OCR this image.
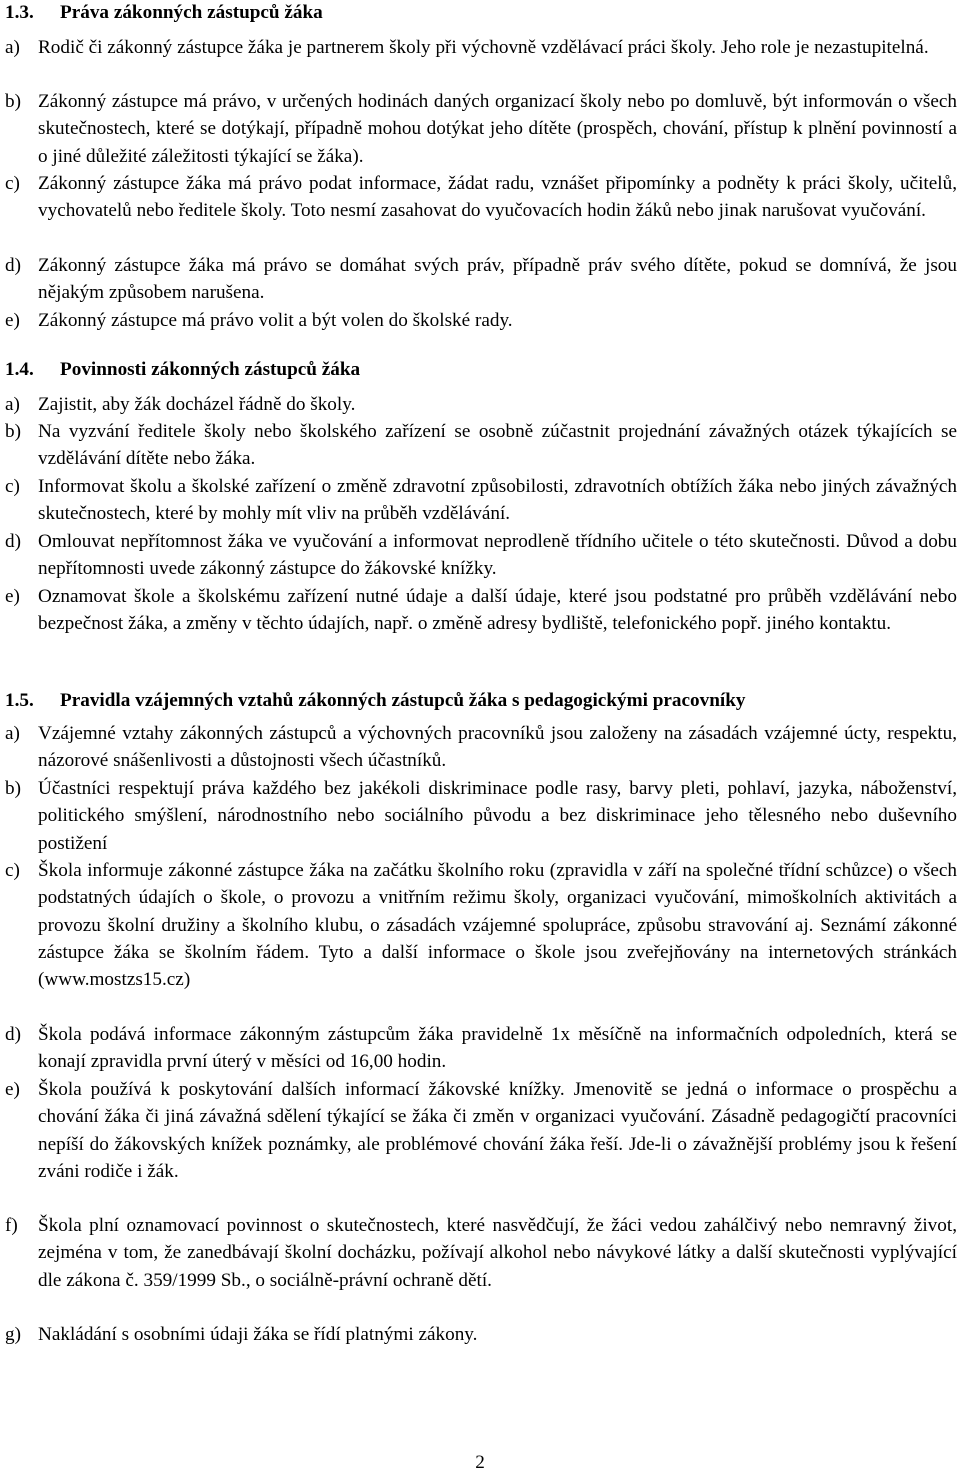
1.3. Práva zákonných zástupců žáka
a) Rodič či zákonný zástupce žáka je partnerem školy při výchovně vzdělávací práci školy. Jeho role je nezastupitelná.
b) Zákonný zástupce má právo, v určených hodinách daných organizací školy nebo po domluvě, být informován o všech skutečnostech, které se dotýkají, případně mohou dotýkat jeho dítěte (prospěch, chování, přístup k plnění povinností a o jiné důležité záležitosti týkající se žáka).
c) Zákonný zástupce žáka má právo podat informace, žádat radu, vznášet připomínky a podněty k práci školy, učitelů, vychovatelů nebo ředitele školy. Toto nesmí zasahovat do vyučovacích hodin žáků nebo jinak narušovat vyučování.
d) Zákonný zástupce žáka má právo se domáhat svých práv, případně práv svého dítěte, pokud se domnívá, že jsou nějakým způsobem narušena.
e) Zákonný zástupce má právo volit a být volen do školské rady.
1.4. Povinnosti zákonných zástupců žáka
a) Zajistit, aby žák docházel řádně do školy.
b) Na vyzvání ředitele školy nebo školského zařízení se osobně zúčastnit projednání závažných otázek týkajících se vzdělávání dítěte nebo žáka.
c) Informovat školu a školské zařízení o změně zdravotní způsobilosti, zdravotních obtížích žáka nebo jiných závažných skutečnostech, které by mohly mít vliv na průběh vzdělávání.
d) Omlouvat nepřítomnost žáka ve vyučování a informovat neprodleně třídního učitele o této skutečnosti. Důvod a dobu nepřítomnosti uvede zákonný zástupce do žákovské knížky.
e) Oznamovat škole a školskému zařízení nutné údaje a další údaje, které jsou podstatné pro průběh vzdělávání nebo bezpečnost žáka, a změny v těchto údajích, např. o změně adresy bydliště, telefonického popř. jiného kontaktu.
1.5. Pravidla vzájemných vztahů zákonných zástupců žáka s pedagogickými pracovníky
a) Vzájemné vztahy zákonných zástupců a výchovných pracovníků jsou založeny na zásadách vzájemné úcty, respektu, názorové snášenlivosti a důstojnosti všech účastníků.
b) Účastníci respektují práva každého bez jakékoli diskriminace podle rasy, barvy pleti, pohlaví, jazyka, náboženství, politického smýšlení, národnostního nebo sociálního původu a bez diskriminace jeho tělesného nebo duševního postižení
c) Škola informuje zákonné zástupce žáka na začátku školního roku (zpravidla v září na společné třídní schůzce) o všech podstatných údajích o škole, o provozu a vnitřním režimu školy, organizaci vyučování, mimoškolních aktivitách a provozu školní družiny a školního klubu, o zásadách vzájemné spolupráce, způsobu stravování aj. Seznámí zákonné zástupce žáka se školním řádem. Tyto a další informace o škole jsou zveřejňovány na internetových stránkách (www.mostzs15.cz)
d) Škola podává informace zákonným zástupcům žáka pravidelně 1x měsíčně na informačních odpoledních, která se konají zpravidla první úterý v měsíci od 16,00 hodin.
e) Škola používá k poskytování dalších informací žákovské knížky. Jmenovitě se jedná o informace o prospěchu a chování žáka či jiná závažná sdělení týkající se žáka či změn v organizaci vyučování. Zásadně pedagogičtí pracovníci nepíší do žákovských knížek poznámky, ale problémové chování žáka řeší. Jde-li o závažnější problémy jsou k řešení zváni rodiče i žák.
f) Škola plní oznamovací povinnost o skutečnostech, které nasvědčují, že žáci vedou zahálčivý nebo nemravný život, zejména v tom, že zanedbávají školní docházku, požívají alkohol nebo návykové látky a další skutečnosti vyplývající dle zákona č. 359/1999 Sb., o sociálně-právní ochraně dětí.
g) Nakládání s osobními údaji žáka se řídí platnými zákony.
2
